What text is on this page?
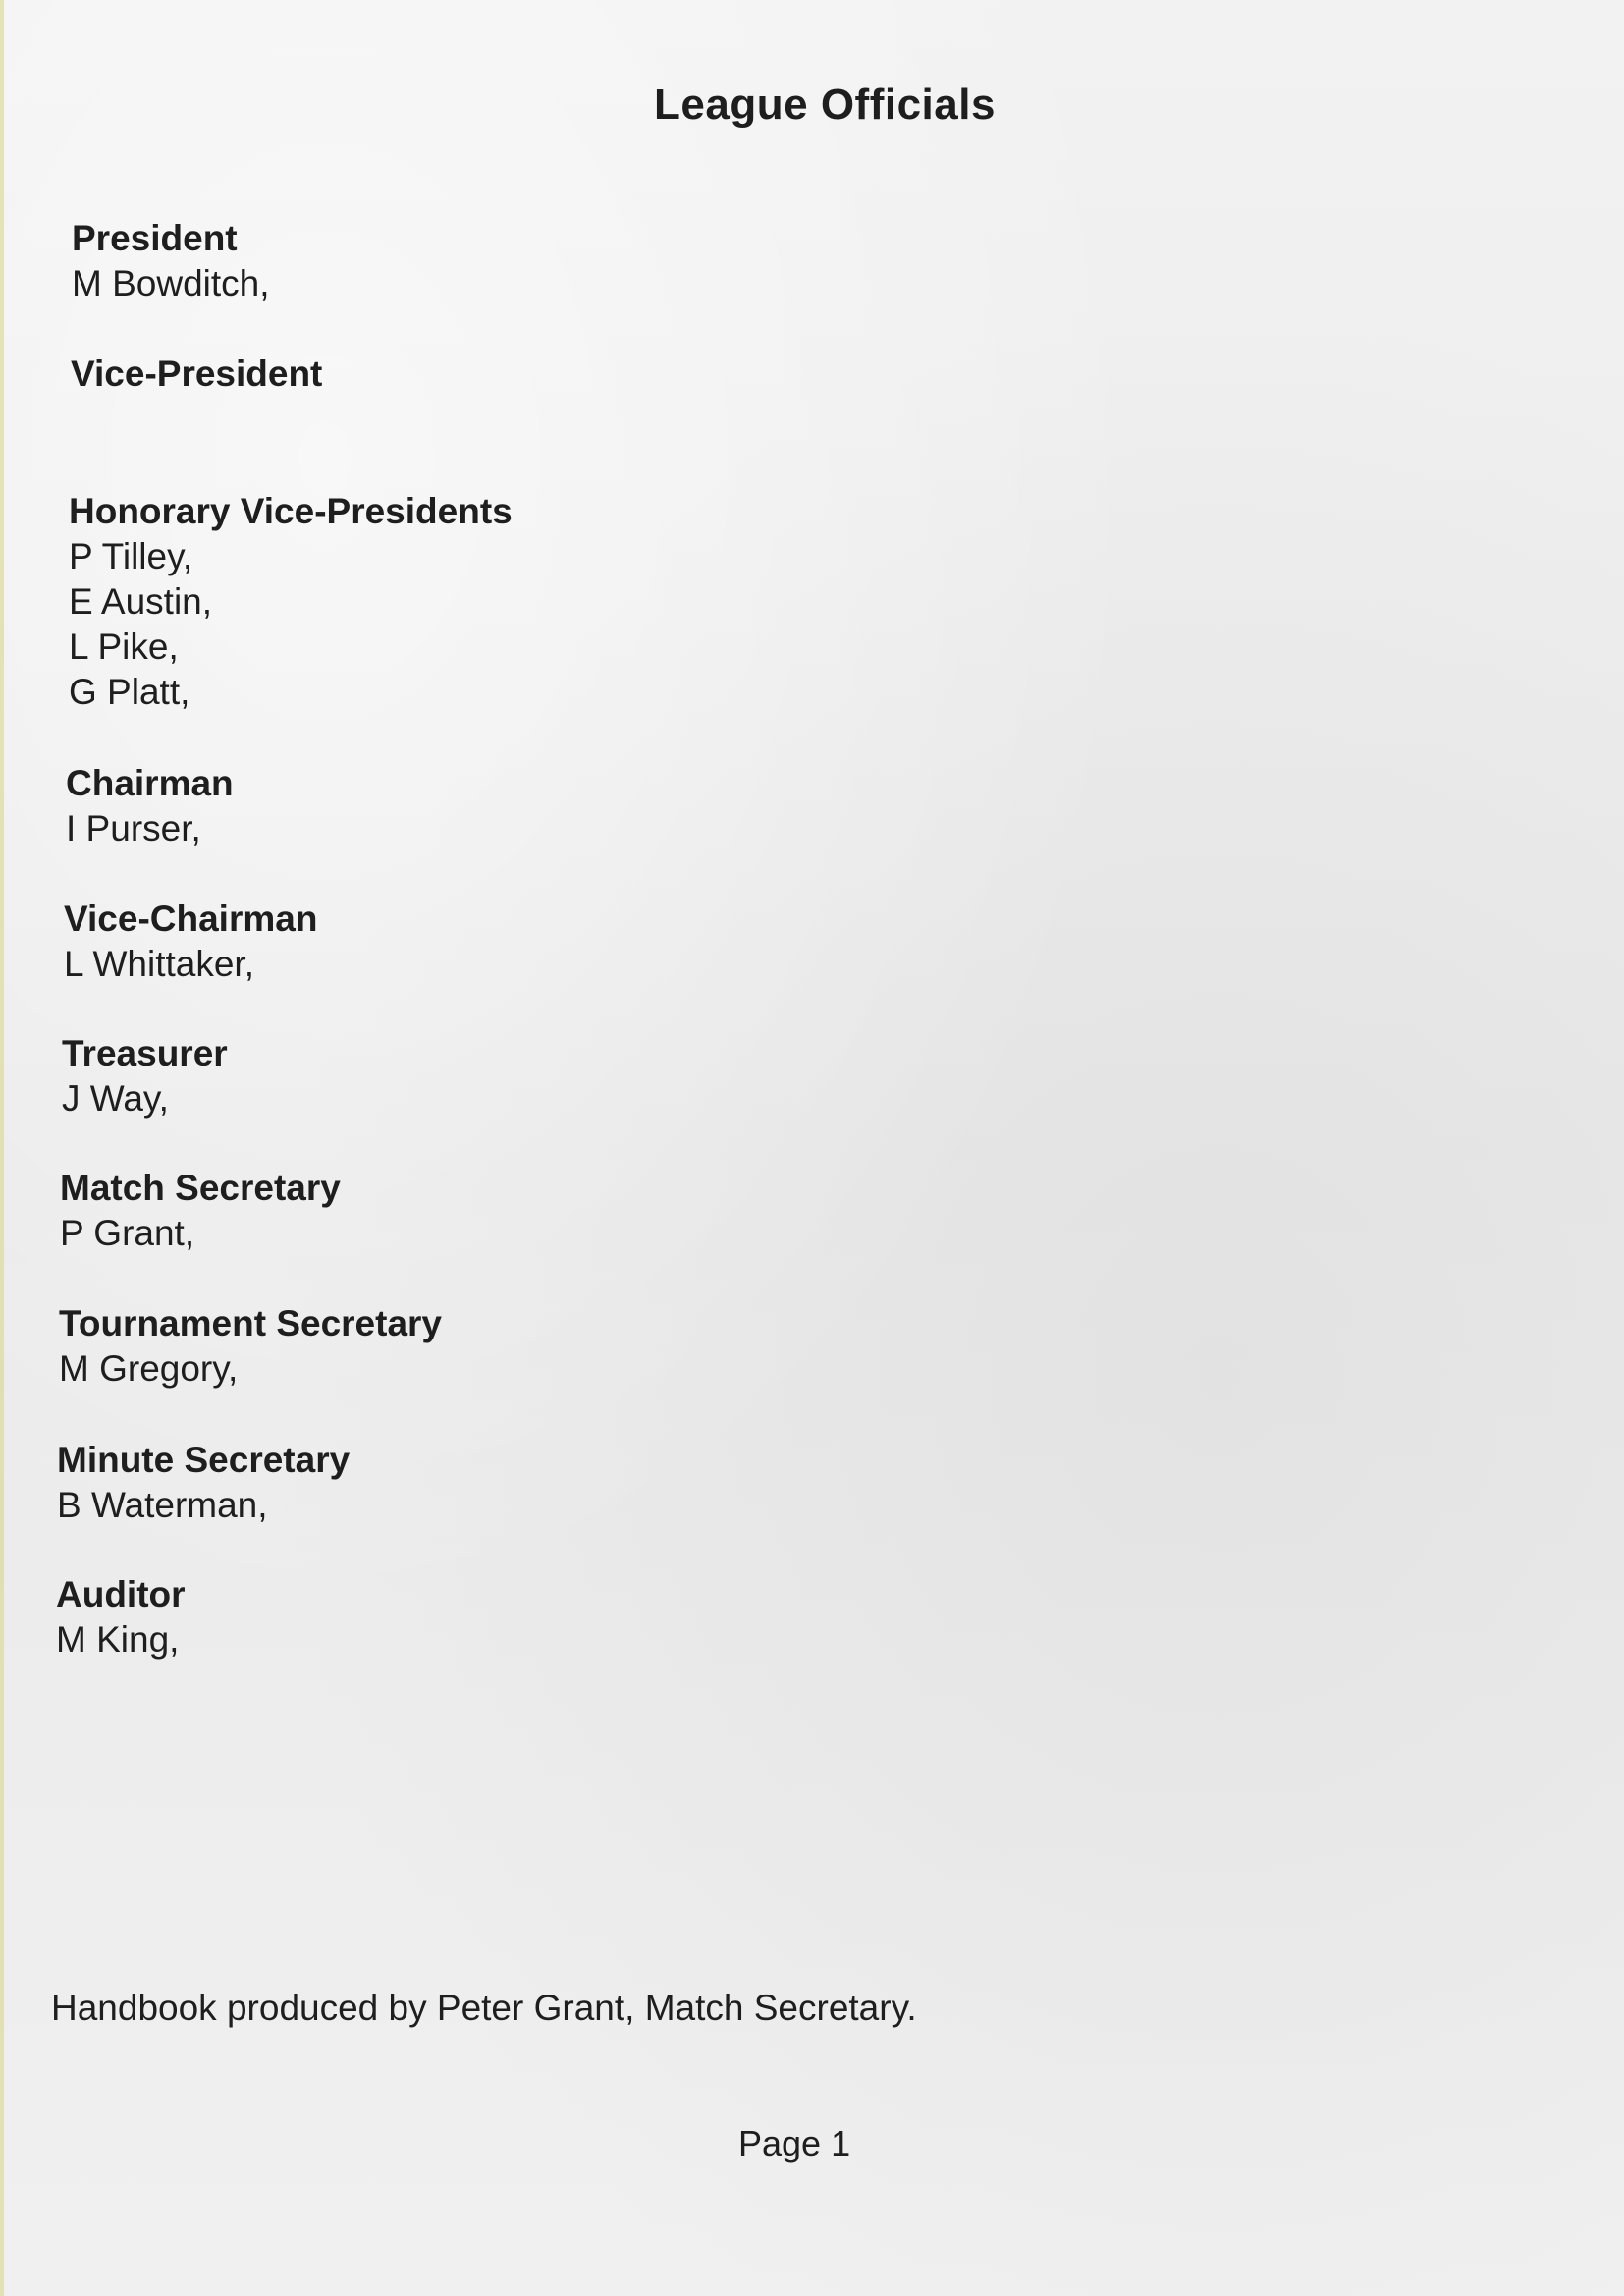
League Officials
President
M Bowditch,
Vice-President
Honorary Vice-Presidents
P Tilley,
E Austin,
L Pike,
G Platt,
Chairman
I Purser,
Vice-Chairman
L Whittaker,
Treasurer
J Way,
Match Secretary
P Grant,
Tournament Secretary
M Gregory,
Minute Secretary
B Waterman,
Auditor
M King,
Handbook produced by Peter Grant, Match Secretary.
Page 1
